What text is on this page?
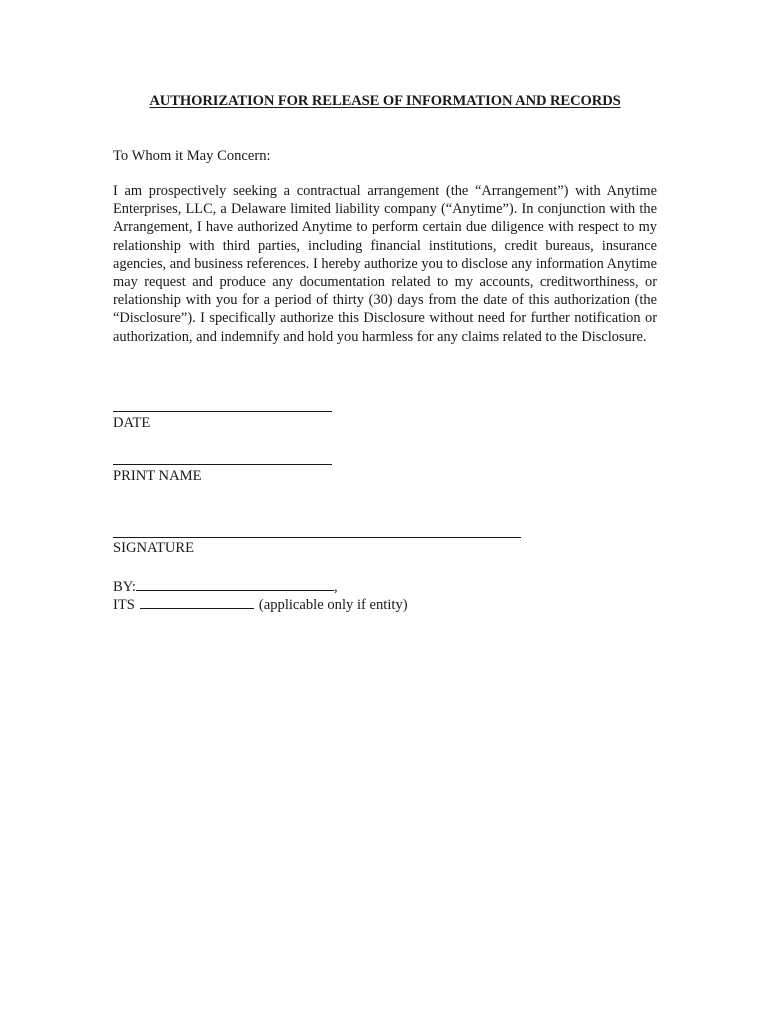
AUTHORIZATION FOR RELEASE OF INFORMATION AND RECORDS
To Whom it May Concern:

I am prospectively seeking a contractual arrangement (the “Arrangement”) with Anytime Enterprises, LLC, a Delaware limited liability company (“Anytime”). In conjunction with the Arrangement, I have authorized Anytime to perform certain due diligence with respect to my relationship with third parties, including financial institutions, credit bureaus, insurance agencies, and business references. I hereby authorize you to disclose any information Anytime may request and produce any documentation related to my accounts, creditworthiness, or relationship with you for a period of thirty (30) days from the date of this authorization (the “Disclosure”). I specifically authorize this Disclosure without need for further notification or authorization, and indemnify and hold you harmless for any claims related to the Disclosure.

DATE
PRINT NAME
SIGNATURE
BY:	,
ITS	(applicable only if entity)
